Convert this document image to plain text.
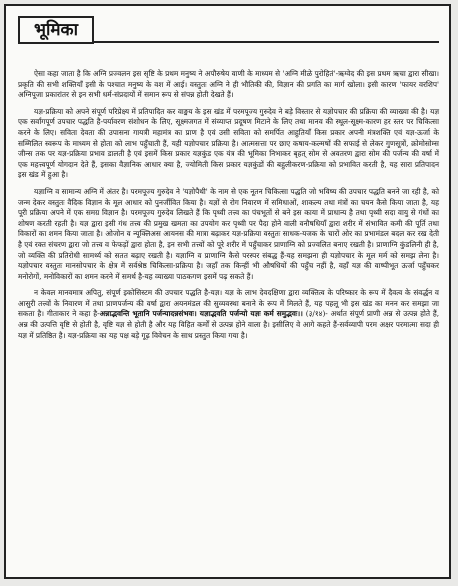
भूमिका

ऐसा कहा जाता है कि अग्नि प्रज्वलन इस सृष्टि के प्रथम मनुष्य ने अपौरुषेय वाणी के माध्यम से 'अग्नि मीळे पुरोहितं'-ऋग्वेद की इस प्रथम ऋचा द्वारा सीखा। प्रकृति की सभी शक्तियाँ इसी के पश्चात मनुष्य के वश में आई। वस्तुतः अग्नि ने ही भौतिकी की, विज्ञान की प्रगति का मार्ग खोला। इसी कारण 'फायर वरशिप' अग्निपूजा प्रकारांतर से इन सभी धर्म-संप्रदायों में समान रूप से संपन्न होती देखते हैं।

यज्ञ-प्रक्रिया को अपने संपूर्ण परिप्रेक्ष्य में प्रतिपादित कर वाङ्मय के इस खंड में परमपूज्य गुरुदेव ने बड़े विस्तार से यज्ञोपचार की प्रक्रिया की व्याख्या की है। यज्ञ एक सर्वांगपूर्ण उपचार पद्धति है-पर्यावरण संशोधन के लिए, सूक्ष्मजगत में संव्याप्त प्रदूषण मिटाने के लिए तथा मानव की स्थूल-सूक्ष्म-कारण हर स्तर पर चिकित्सा करने के लिए। सविता देवता की उपासना गायत्री महामंत्र का प्राण है एवं उसी सविता को समर्पित आहुतियाँ किस प्रकार अपनी मंत्रशक्ति एवं यज्ञ-ऊर्जा के सम्मिलित स्वरूप के माध्यम से होता को लाभ पहुँचाती हैं, यही यज्ञोपचार प्रक्रिया है। आत्मसत्ता पर छाए कषाय-कल्मषों की सफाई से लेकर गुणसूत्रों, क्रोमोसोम्स जीन्स तक पर यज्ञ-प्रक्रिया प्रभाव डालती है एवं इसमें किस प्रकार यज्ञकुंड एक यंत्र की भूमिका निभाकर बृहत् सोम से अवतरण द्वारा सोम की पर्जन्य की वर्षा में एक महत्त्वपूर्ण योगदान देते हैं, इसका वैज्ञानिक आधार क्या है, ज्योमिती किस प्रकार यज्ञकुंडों की बहुलीकरण-प्रक्रिया को प्रभावित करती है, यह सारा प्रतिपादन इस खंड में हुआ है।

यज्ञाग्नि व सामान्य अग्नि में अंतर है। परमपूज्य गुरुदेव ने 'यज्ञोपैथी' के नाम से एक नूतन चिकित्सा पद्धति जो भविष्य की उपचार पद्धति बनने जा रही है, को जन्म देकर वस्तुतः वैदिक विज्ञान के मूल आधार को पुनर्जीवित किया है। यज्ञों से रोग निवारण में समिधाओं, शाकल्य तथा मंत्रों का चयन कैसे किया जाता है, यह पूरी प्रक्रिया अपने में एक समग्र विज्ञान है। परमपूज्य गुरुदेव लिखते हैं कि पृथ्वी तत्त्व का पंचभूतों से बने इस काया में प्राधान्य है तथा पृथ्वी सदा वायु से गंधों का शोषण करती रहती है। यज्ञ द्वारा इसी गंध तत्त्व की प्रमुख खमता का उपयोग कर पृथ्वी पर पैदा होने वाली वनौषधियाँ द्वारा शरीर में संभावित कमी की पूर्ति तथा विकारों का शमन किया जाता है। ओजोन व न्यूक्लिअस आयनस की मात्रा बढ़ाकर यज्ञ-प्रक्रिया वस्तुतः साधक-यजक के चारों ओर का प्रभामंडल बदल कर रख देती है एवं रक्त संचरण द्वारा जो तत्त्व व फेफड़ों द्वारा होता है, इन सभी तत्त्वों को पूरे शरीर में पहुँचाकर प्राणाग्नि को प्रज्वलित बनाए रखती है। प्राणाग्नि कुंडलिनी ही है, जो व्यक्ति की प्रतिरोधी सामर्थ्य को सतत बढ़ाए रखती है। यज्ञाग्नि व प्राणाग्नि कैसे परस्पर संबद्ध हैं-यह समझना ही यज्ञोपचार के मूल मर्म को समझ लेना है। यज्ञोपचार वस्तुतः मानसोपचार के क्षेत्र में सर्वश्रेष्ठ चिकित्सा-प्रक्रिया है। जहाँ तक किन्हीं भी औषधियों की पहुँच नहीं है, वहाँ यज्ञ की वाष्पीभूत ऊर्जा पहुँचकर मनोरोगों, मनोविकारों का शमन करने में समर्थ है-यह व्याख्या पाठकगण इसमें पढ़ सकते हैं।

न केवल मानवमात्र अपितु, संपूर्ण इकोसिस्टम की उपचार पद्धति है-यज्ञ। यज्ञ के लाभ देवदक्षिणा द्वारा व्यक्तित्व के परिष्कार के रूप में दैवत्व के संवर्द्धन व आसुरी तत्त्वों के निवारण में तथा प्राणपर्जन्य की वर्षा द्वारा अयनमंडल की सुव्यवस्था बनाने के रूप में मिलते हैं, यह पहलू भी इस खंड का मनन कर समझा जा सकता है। गीताकार ने कहा है-अन्नाद्भवन्ति भूतानि पर्जन्यादन्नसंभवः। यज्ञाद्भवति पर्जन्यो यज्ञः कर्म समुद्भवः।। (३/१४)- अर्थात संपूर्ण प्राणी अन्न से उत्पन्न होते हैं, अन्न की उत्पत्ति वृष्टि से होती है, वृष्टि यज्ञ से होती है और यह विहित कर्मों से उत्पन्न होने वाला है। इसीलिए वे आगे कहते हैं-सर्वव्यापी परम अक्षर परमात्मा सदा ही यज्ञ में प्रतिष्ठित है। यज्ञ-प्रक्रिया का यह पक्ष बड़े गूढ़ विवेचन के साथ प्रस्तुत किया गया है।
